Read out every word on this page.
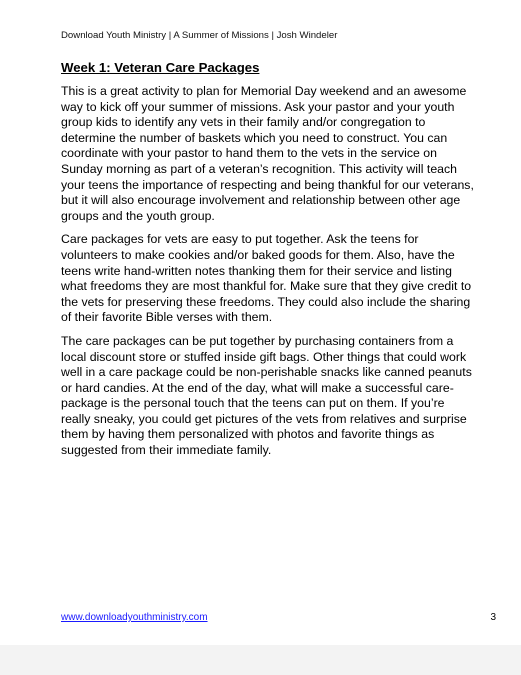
Download Youth Ministry | A Summer of Missions | Josh Windeler
Week 1: Veteran Care Packages

This is a great activity to plan for Memorial Day weekend and an awesome way to kick off your summer of missions. Ask your pastor and your youth group kids to identify any vets in their family and/or congregation to determine the number of baskets which you need to construct. You can coordinate with your pastor to hand them to the vets in the service on Sunday morning as part of a veteran’s recognition. This activity will teach your teens the importance of respecting and being thankful for our veterans, but it will also encourage involvement and relationship between other age groups and the youth group.

Care packages for vets are easy to put together. Ask the teens for volunteers to make cookies and/or baked goods for them. Also, have the teens write hand-written notes thanking them for their service and listing what freedoms they are most thankful for. Make sure that they give credit to the vets for preserving these freedoms. They could also include the sharing of their favorite Bible verses with them.

The care packages can be put together by purchasing containers from a local discount store or stuffed inside gift bags. Other things that could work well in a care package could be non-perishable snacks like canned peanuts or hard candies. At the end of the day, what will make a successful care-package is the personal touch that the teens can put on them. If you’re really sneaky, you could get pictures of the vets from relatives and surprise them by having them personalized with photos and favorite things as suggested from their immediate family.

www.downloadyouthministry.com	3
